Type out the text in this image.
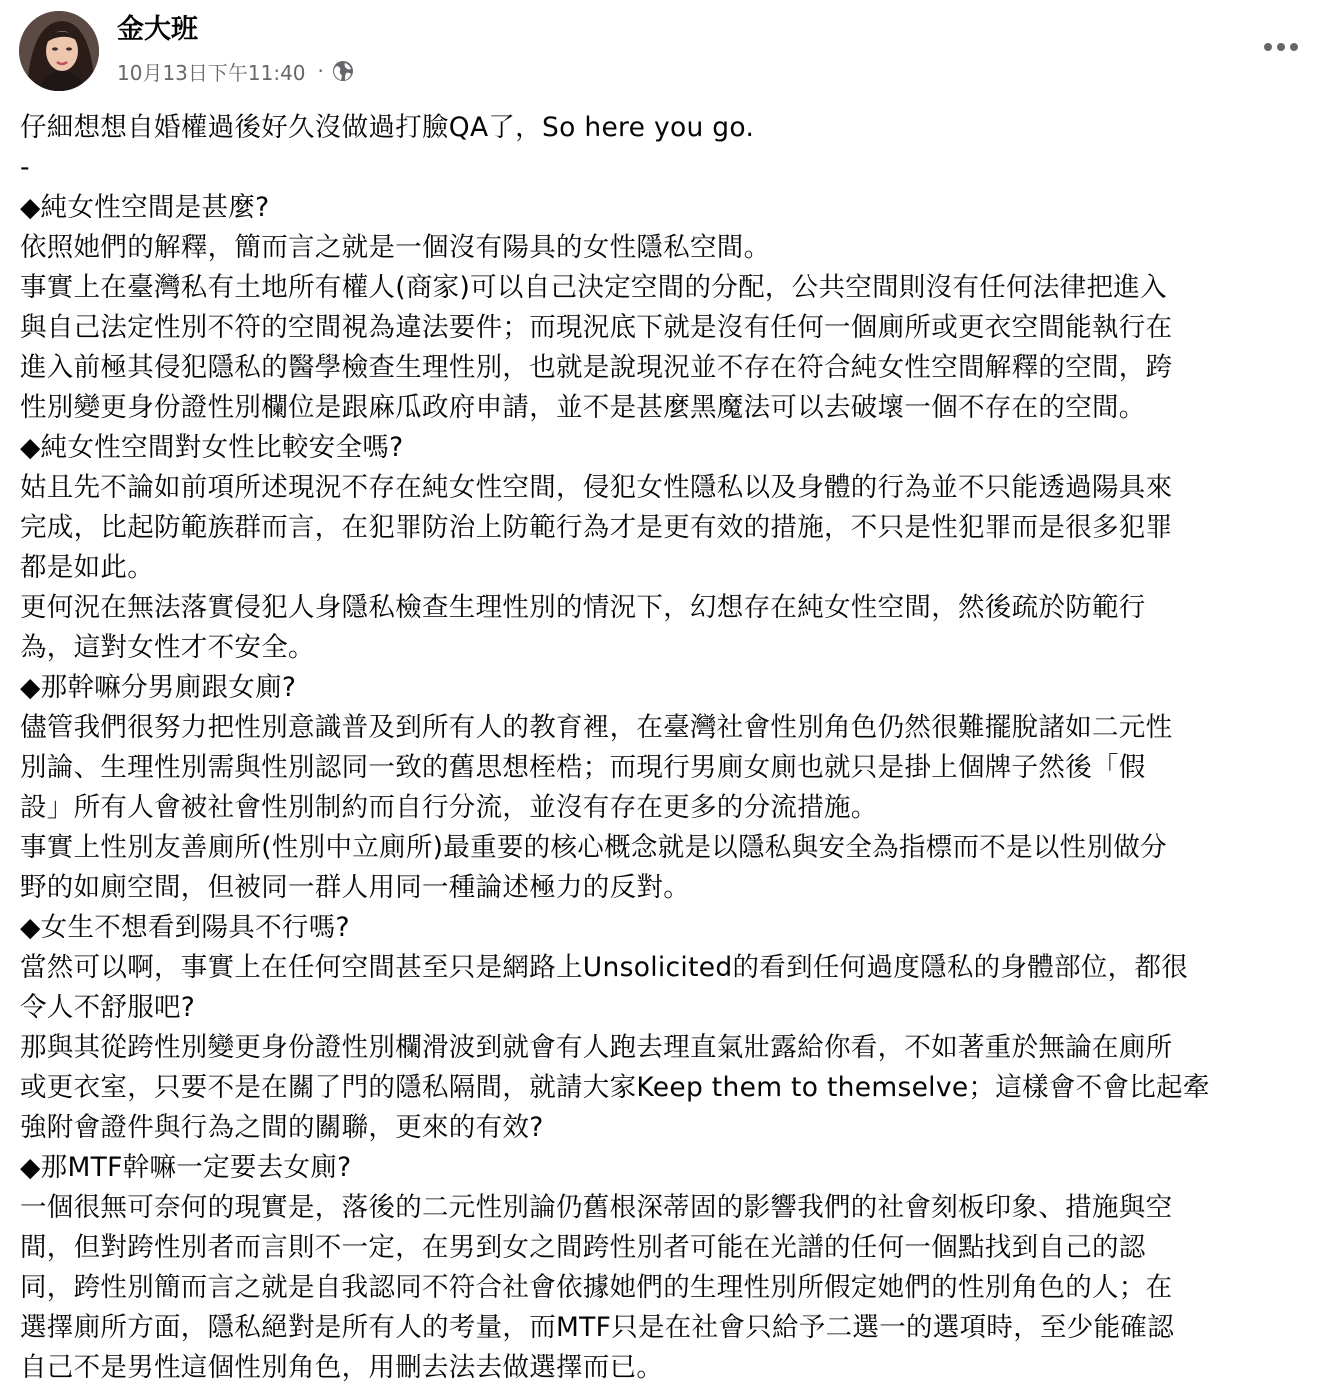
金大班
10月13日下午11:40 ·
仔細想想自婚權過後好久沒做過打臉QA了，So here you go.
-
◆純女性空間是甚麼?
依照她們的解釋，簡而言之就是一個沒有陽具的女性隱私空間。
事實上在臺灣私有土地所有權人(商家)可以自己決定空間的分配，公共空間則沒有任何法律把進入
與自己法定性別不符的空間視為違法要件；而現況底下就是沒有任何一個廁所或更衣空間能執行在
進入前極其侵犯隱私的醫學檢查生理性別，也就是說現況並不存在符合純女性空間解釋的空間，跨
性別變更身份證性別欄位是跟麻瓜政府申請，並不是甚麼黑魔法可以去破壞一個不存在的空間。
◆純女性空間對女性比較安全嗎?
姑且先不論如前項所述現況不存在純女性空間，侵犯女性隱私以及身體的行為並不只能透過陽具來
完成，比起防範族群而言，在犯罪防治上防範行為才是更有效的措施，不只是性犯罪而是很多犯罪
都是如此。
更何況在無法落實侵犯人身隱私檢查生理性別的情況下，幻想存在純女性空間，然後疏於防範行
為，這對女性才不安全。
◆那幹嘛分男廁跟女廁?
儘管我們很努力把性別意識普及到所有人的教育裡，在臺灣社會性別角色仍然很難擺脫諸如二元性
別論、生理性別需與性別認同一致的舊思想桎梏；而現行男廁女廁也就只是掛上個牌子然後「假
設」所有人會被社會性別制約而自行分流，並沒有存在更多的分流措施。
事實上性別友善廁所(性別中立廁所)最重要的核心概念就是以隱私與安全為指標而不是以性別做分
野的如廁空間，但被同一群人用同一種論述極力的反對。
◆女生不想看到陽具不行嗎?
當然可以啊，事實上在任何空間甚至只是網路上Unsolicited的看到任何過度隱私的身體部位，都很
令人不舒服吧?
那與其從跨性別變更身份證性別欄滑波到就會有人跑去理直氣壯露給你看，不如著重於無論在廁所
或更衣室，只要不是在關了門的隱私隔間，就請大家Keep them to themselve；這樣會不會比起牽
強附會證件與行為之間的關聯，更來的有效?
◆那MTF幹嘛一定要去女廁?
一個很無可奈何的現實是，落後的二元性別論仍舊根深蒂固的影響我們的社會刻板印象、措施與空
間，但對跨性別者而言則不一定，在男到女之間跨性別者可能在光譜的任何一個點找到自己的認
同，跨性別簡而言之就是自我認同不符合社會依據她們的生理性別所假定她們的性別角色的人；在
選擇廁所方面，隱私絕對是所有人的考量，而MTF只是在社會只給予二選一的選項時，至少能確認
自己不是男性這個性別角色，用刪去法去做選擇而已。
